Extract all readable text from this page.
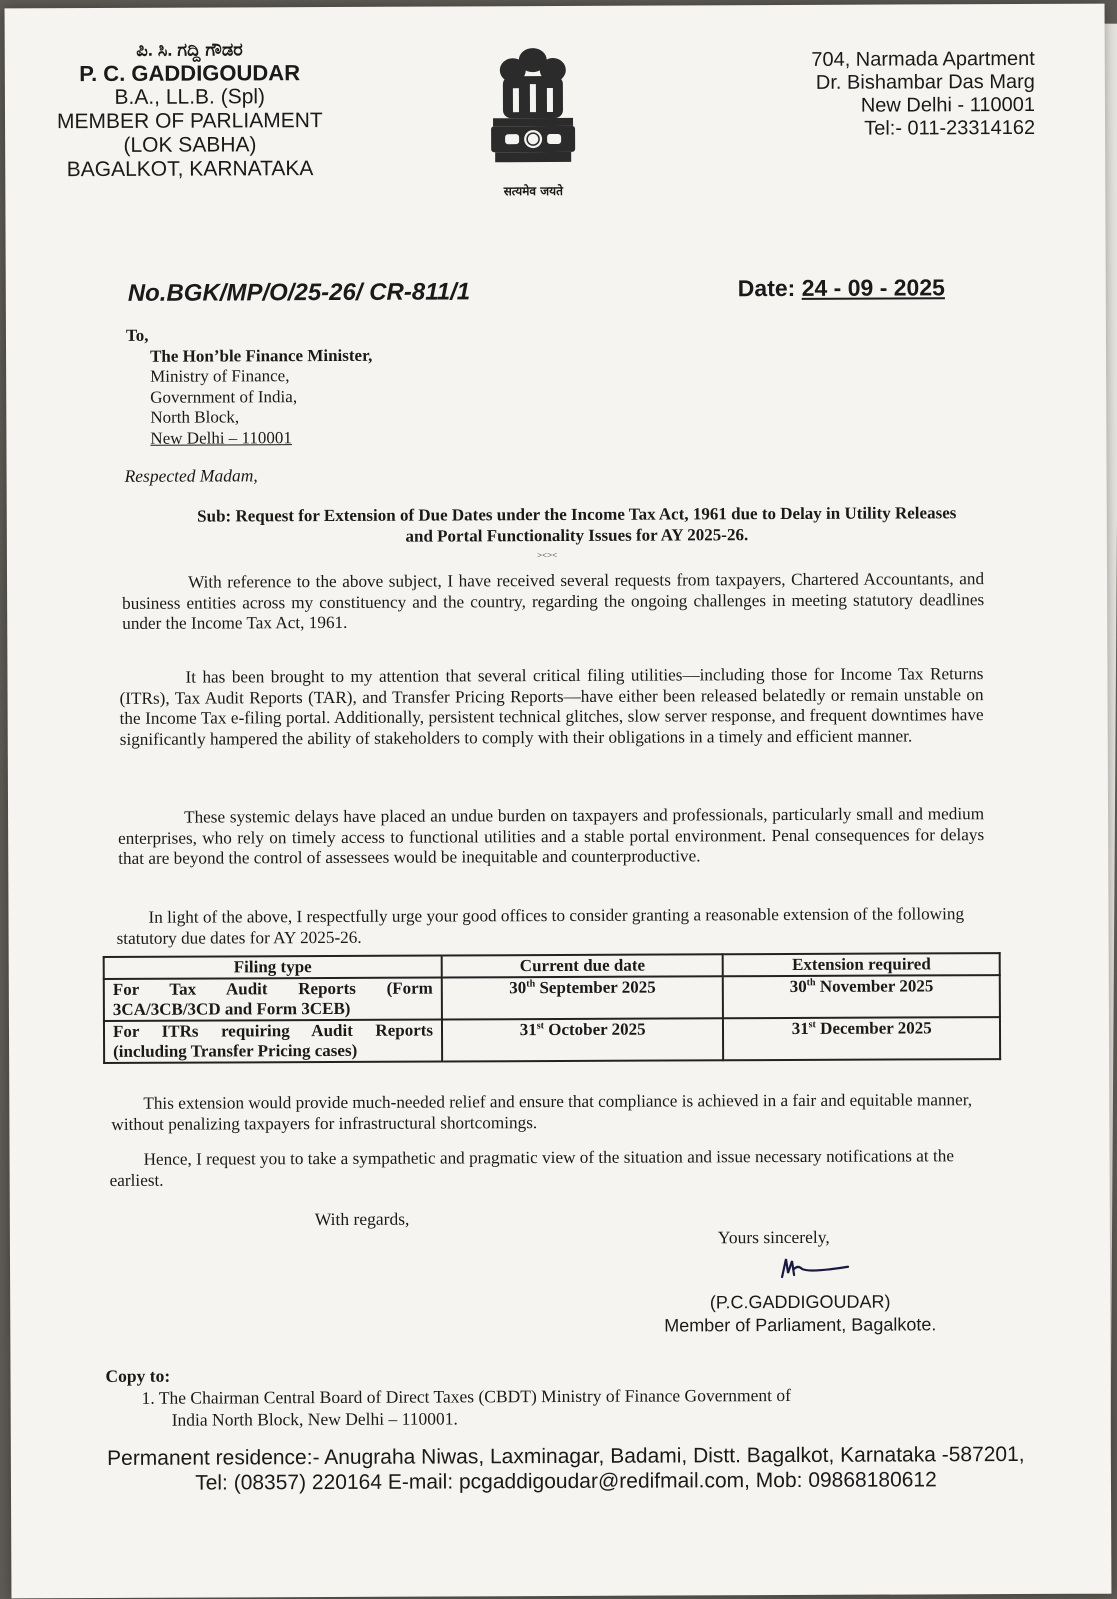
ಪಿ. ಸಿ. ಗದ್ದಿ ಗೌಡರ
P. C. GADDIGOUDAR
B.A., LL.B. (Spl)
MEMBER OF PARLIAMENT
(LOK SABHA)
BAGALKOT, KARNATAKA
सत्यमेव जयते
704, Narmada Apartment
Dr. Bishambar Das Marg
New Delhi - 110001
Tel:- 011-23314162
No.BGK/MP/O/25-26/ CR-811/1	Date: 24 - 09 - 2025
To,
The Hon’ble Finance Minister,
Ministry of Finance,
Government of India,
North Block,
New Delhi – 110001
Respected Madam,
Sub: Request for Extension of Due Dates under the Income Tax Act, 1961 due to Delay in Utility Releases and Portal Functionality Issues for AY 2025-26.
><><
With reference to the above subject, I have received several requests from taxpayers, Chartered Accountants, and business entities across my constituency and the country, regarding the ongoing challenges in meeting statutory deadlines under the Income Tax Act, 1961.
It has been brought to my attention that several critical filing utilities—including those for Income Tax Returns (ITRs), Tax Audit Reports (TAR), and Transfer Pricing Reports—have either been released belatedly or remain unstable on the Income Tax e-filing portal. Additionally, persistent technical glitches, slow server response, and frequent downtimes have significantly hampered the ability of stakeholders to comply with their obligations in a timely and efficient manner.
These systemic delays have placed an undue burden on taxpayers and professionals, particularly small and medium enterprises, who rely on timely access to functional utilities and a stable portal environment. Penal consequences for delays that are beyond the control of assessees would be inequitable and counterproductive.
In light of the above, I respectfully urge your good offices to consider granting a reasonable extension of the following statutory due dates for AY 2025-26.
Filing type	Current due date	Extension required
For Tax Audit Reports (Form 3CA/3CB/3CD and Form 3CEB)	30th September 2025	30th November 2025
For ITRs requiring Audit Reports (including Transfer Pricing cases)	31st October 2025	31st December 2025
This extension would provide much-needed relief and ensure that compliance is achieved in a fair and equitable manner, without penalizing taxpayers for infrastructural shortcomings.
Hence, I request you to take a sympathetic and pragmatic view of the situation and issue necessary notifications at the earliest.
With regards,
Yours sincerely,
(P.C.GADDIGOUDAR)
Member of Parliament, Bagalkote.
Copy to:
1. The Chairman Central Board of Direct Taxes (CBDT) Ministry of Finance Government of
India North Block, New Delhi – 110001.
Permanent residence:- Anugraha Niwas, Laxminagar, Badami, Distt. Bagalkot, Karnataka -587201,
Tel: (08357) 220164 E-mail: pcgaddigoudar@redifmail.com, Mob: 09868180612
